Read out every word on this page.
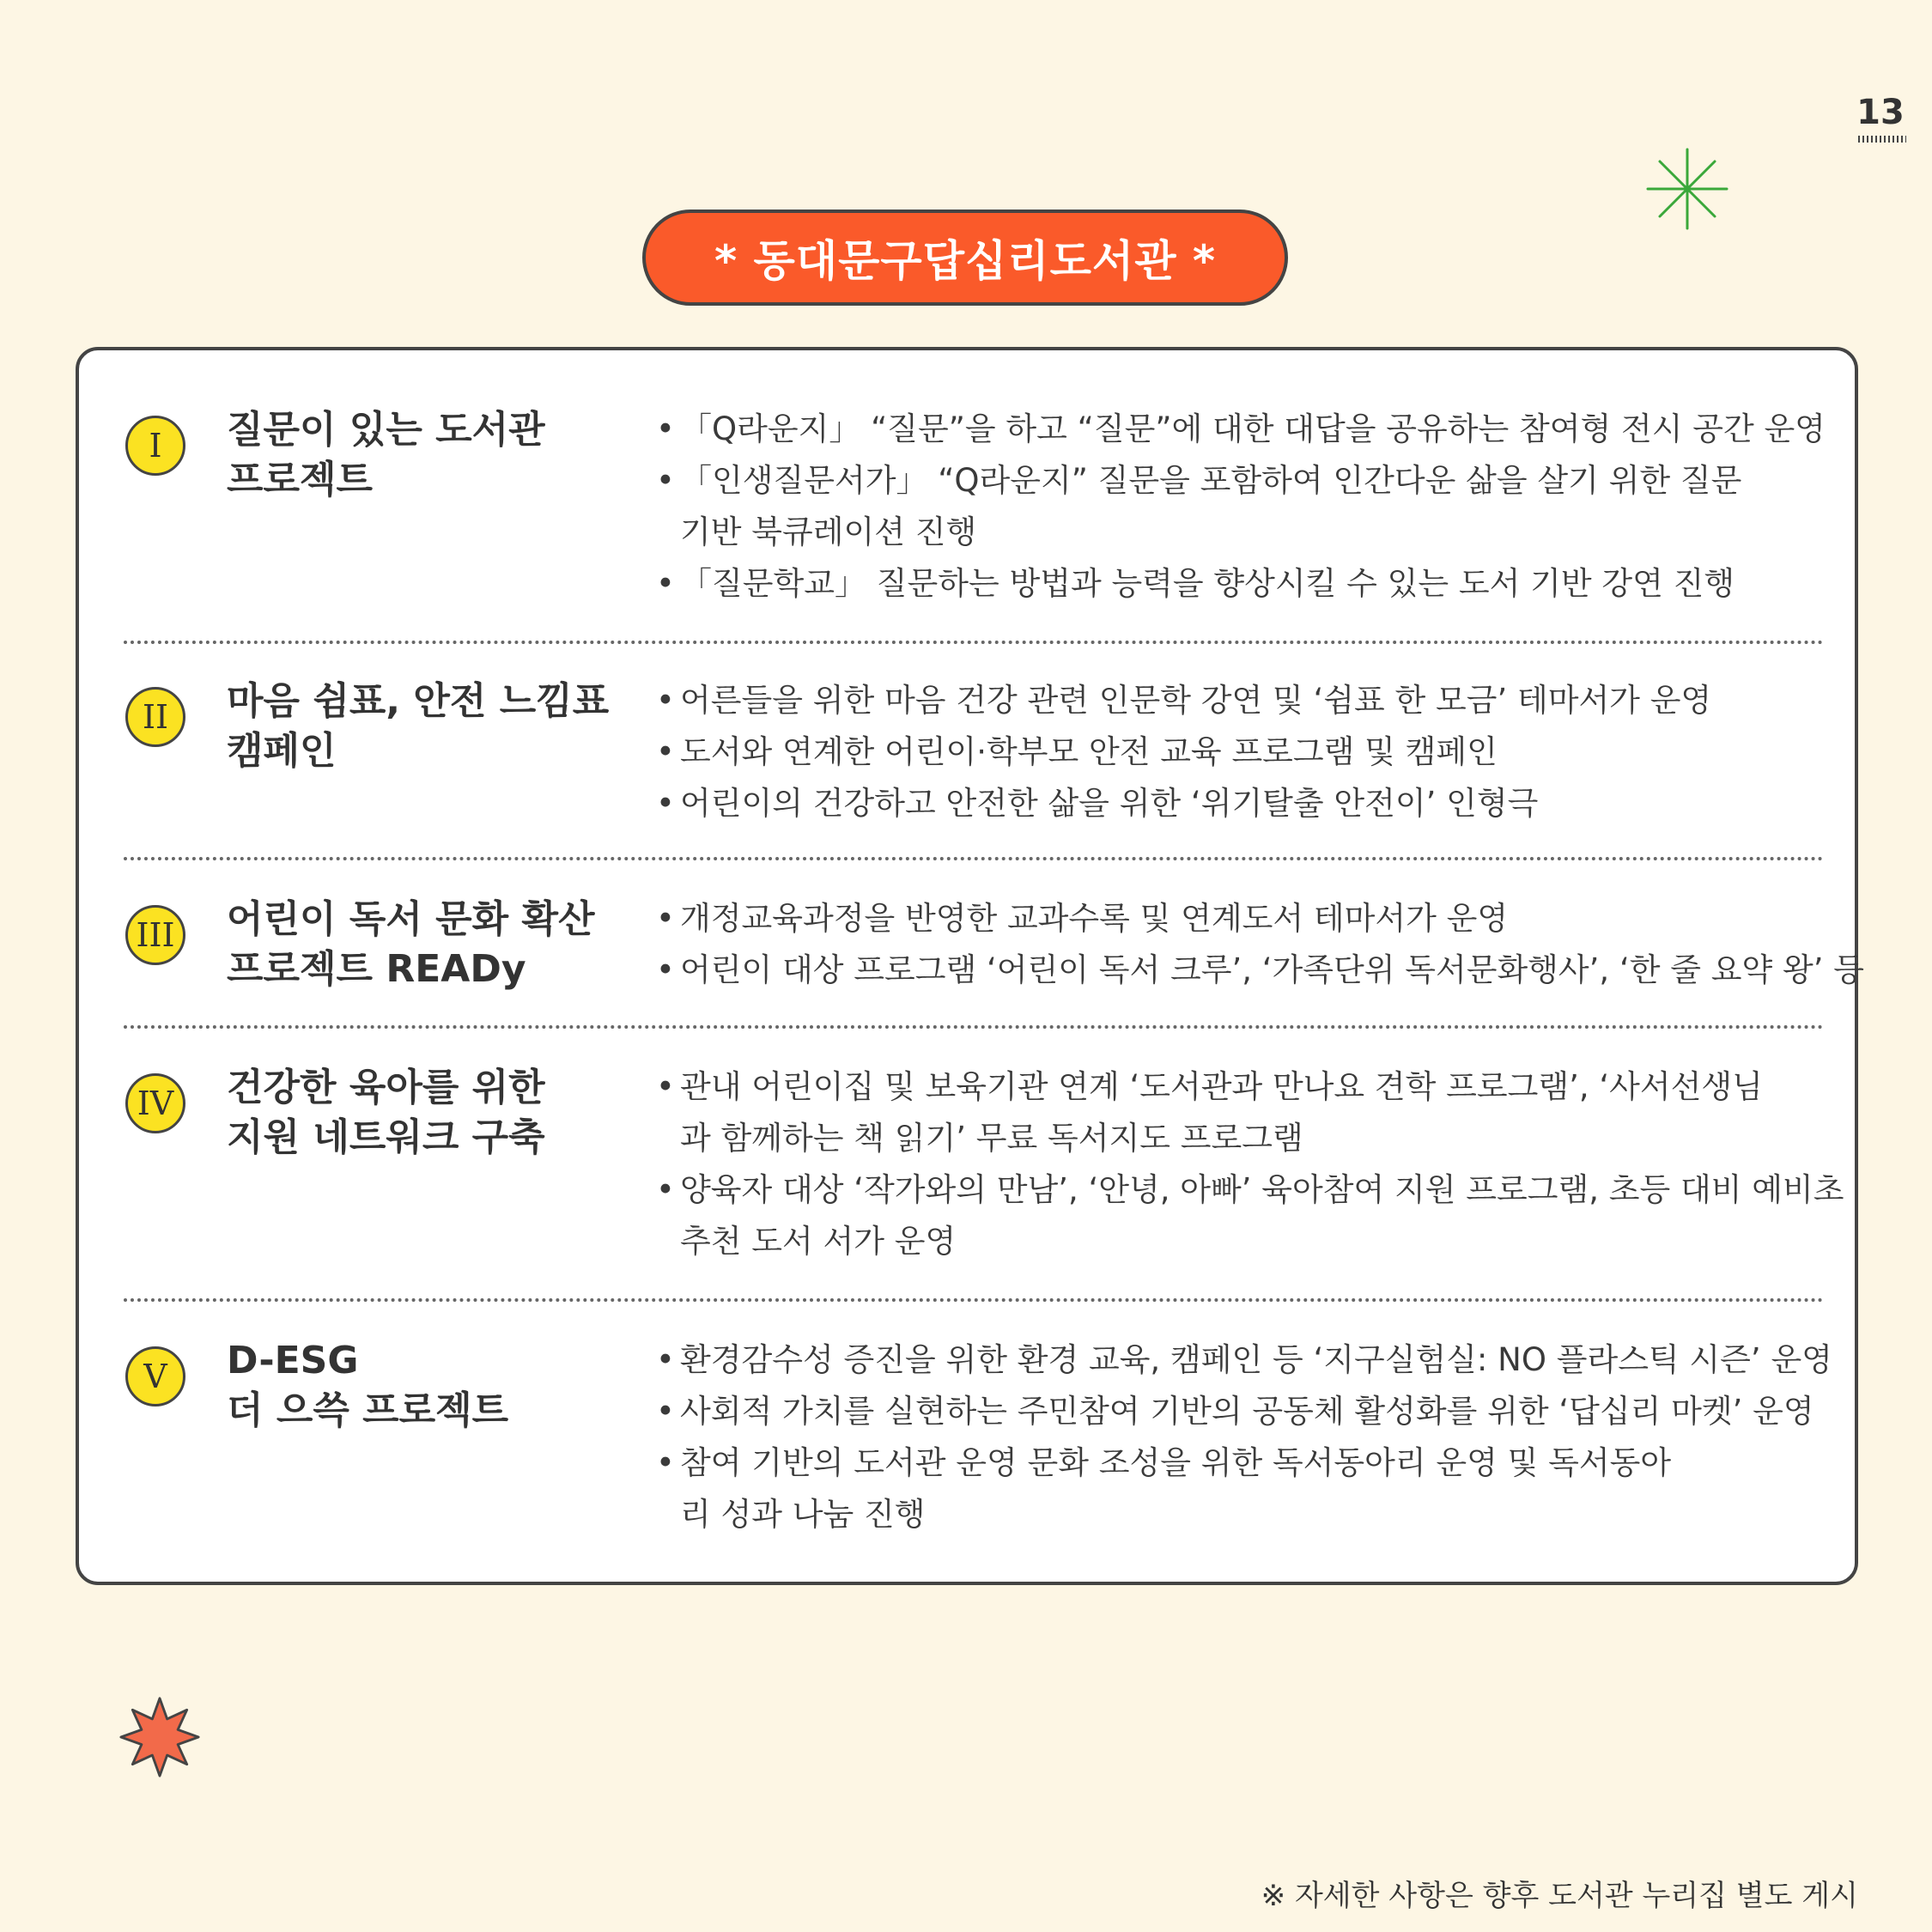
13
* 동대문구답십리도서관 *
I	질문이 있는 도서관
프로젝트
• 「Q라운지」 “질문”을 하고 “질문”에 대한 대답을 공유하는 참여형 전시 공간 운영
• 「인생질문서가」 “Q라운지” 질문을 포함하여 인간다운 삶을 살기 위한 질문 기반 북큐레이션 진행
• 「질문학교」 질문하는 방법과 능력을 향상시킬 수 있는 도서 기반 강연 진행
II	마음 쉼표, 안전 느낌표
캠페인
• 어른들을 위한 마음 건강 관련 인문학 강연 및 ‘쉼표 한 모금’ 테마서가 운영
• 도서와 연계한 어린이·학부모 안전 교육 프로그램 및 캠페인
• 어린이의 건강하고 안전한 삶을 위한 ‘위기탈출 안전이’ 인형극
III 어린이 독서 문화 확산
프로젝트 READy
• 개정교육과정을 반영한 교과수록 및 연계도서 테마서가 운영
• 어린이 대상 프로그램 ‘어린이 독서 크루’, ‘가족단위 독서문화행사’, ‘한 줄 요약 왕’ 등
IV	건강한 육아를 위한
지원 네트워크 구축
• 관내 어린이집 및 보육기관 연계 ‘도서관과 만나요 견학 프로그램’, ‘사서선생님과 함께하는 책 읽기’ 무료 독서지도 프로그램
• 양육자 대상 ‘작가와의 만남’, ‘안녕, 아빠’ 육아참여 지원 프로그램, 초등 대비 예비초 추천 도서 서가 운영
V	D-ESG
더 으쓱 프로젝트
• 환경감수성 증진을 위한 환경 교육, 캠페인 등 ‘지구실험실: NO 플라스틱 시즌’ 운영
• 사회적 가치를 실현하는 주민참여 기반의 공동체 활성화를 위한 ‘답십리 마켓’ 운영
• 참여 기반의 도서관 운영 문화 조성을 위한 독서동아리 운영 및 독서동아리 성과 나눔 진행
※ 자세한 사항은 향후 도서관 누리집 별도 게시
